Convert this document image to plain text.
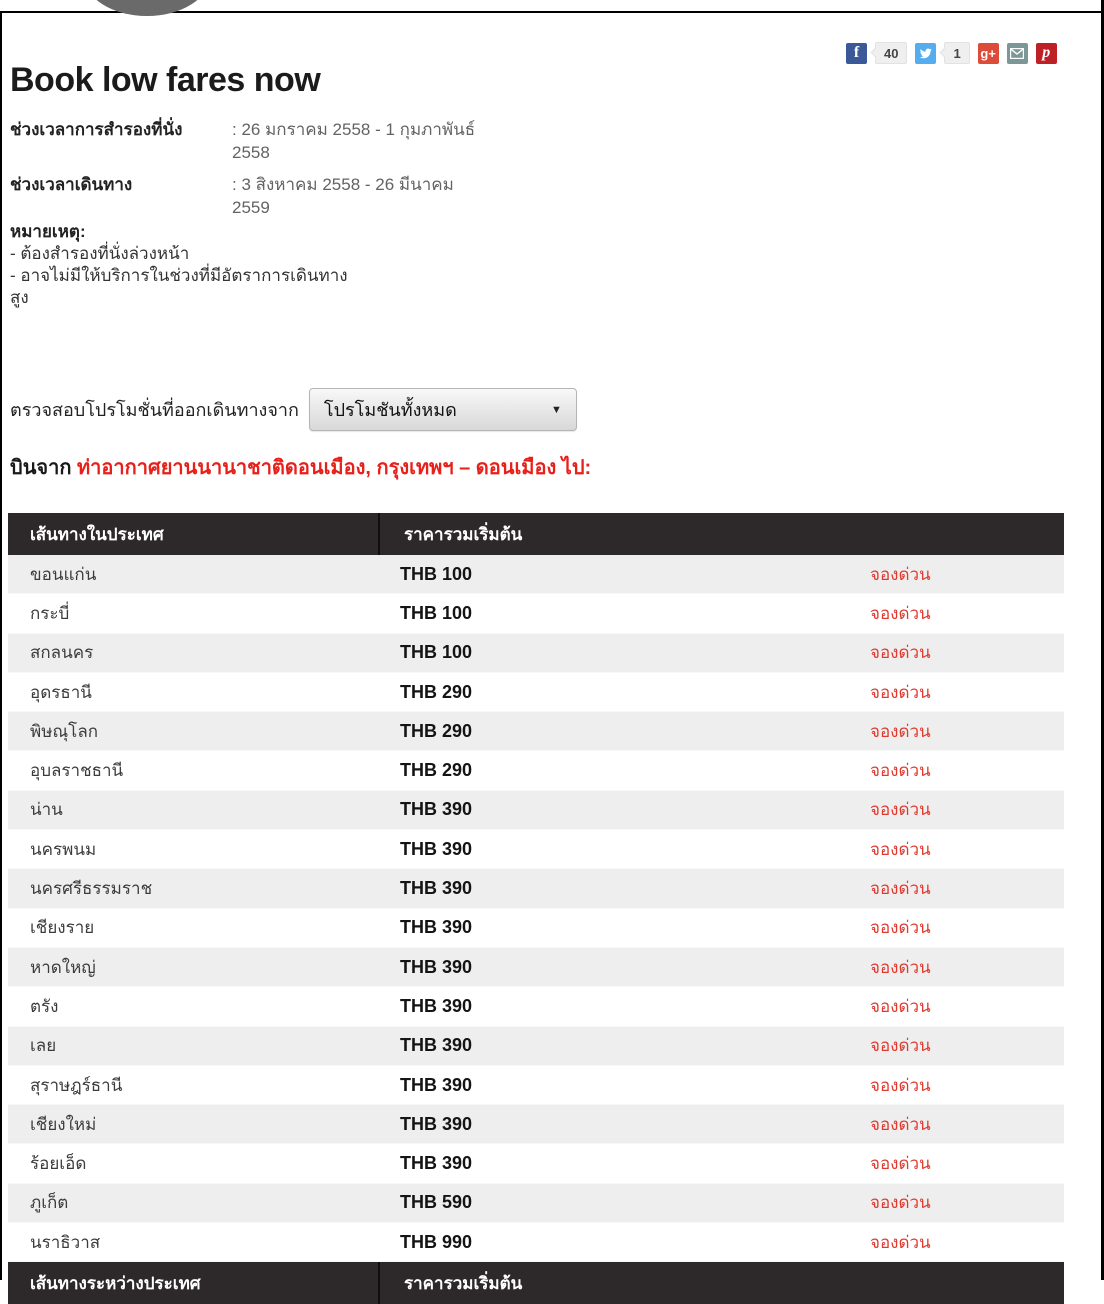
Book low fares now
f	40	1	g+	p
ช่วงเวลาการสำรองที่นั่ง	: 26 มกราคม 2558 - 1 กุมภาพันธ์
2558
ช่วงเวลาเดินทาง	: 3 สิงหาคม 2558 - 26 มีนาคม
2559
หมายเหตุ:
- ต้องสำรองที่นั่งล่วงหน้า
- อาจไม่มีให้บริการในช่วงที่มีอัตราการเดินทาง
สูง
ตรวจสอบโปรโมชั่นที่ออกเดินทางจาก โปรโมชันทั้งหมด	▼
บินจาก ท่าอากาศยานนานาชาติดอนเมือง, กรุงเทพฯ – ดอนเมือง ไป:
เส้นทางในประเทศ	ราคารวมเริ่มต้น
ขอนแก่น	THB 100	จองด่วน
กระบี่	THB 100	จองด่วน
สกลนคร	THB 100	จองด่วน
อุดรธานี	THB 290	จองด่วน
พิษณุโลก	THB 290	จองด่วน
อุบลราชธานี	THB 290	จองด่วน
น่าน	THB 390	จองด่วน
นครพนม	THB 390	จองด่วน
นครศรีธรรมราช	THB 390	จองด่วน
เชียงราย	THB 390	จองด่วน
หาดใหญ่	THB 390	จองด่วน
ตรัง	THB 390	จองด่วน
เลย	THB 390	จองด่วน
สุราษฎร์ธานี	THB 390	จองด่วน
เชียงใหม่	THB 390	จองด่วน
ร้อยเอ็ด	THB 390	จองด่วน
ภูเก็ต	THB 590	จองด่วน
นราธิวาส	THB 990	จองด่วน
เส้นทางระหว่างประเทศ	ราคารวมเริ่มต้น
